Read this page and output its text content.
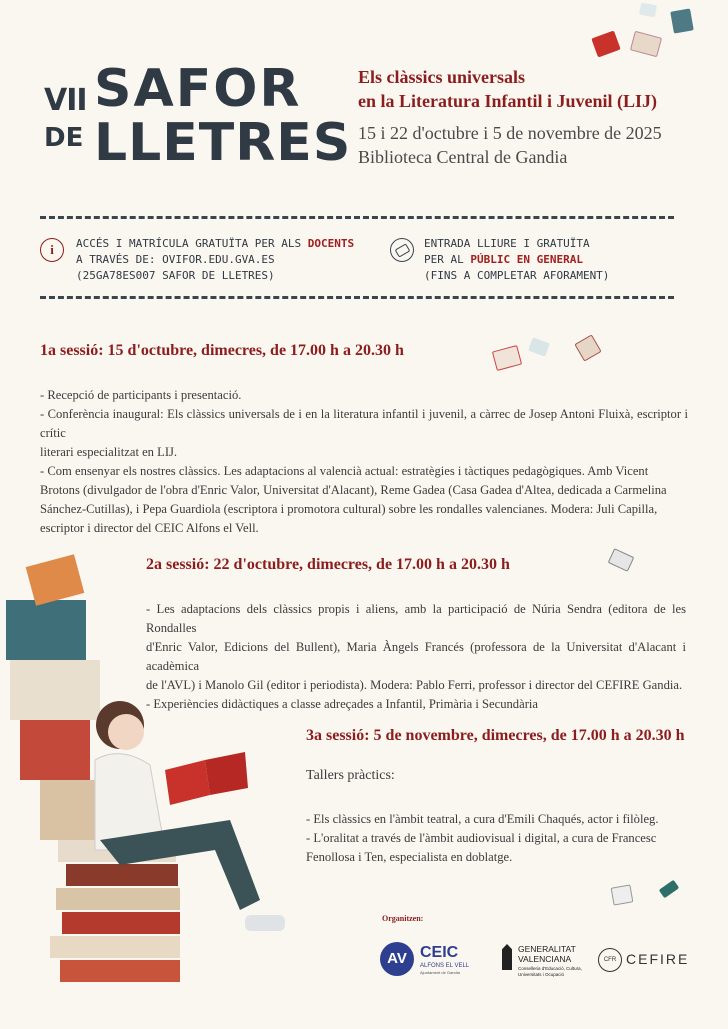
VII SAFOR
DE LLETRES
Els clàssics universals
en la Literatura Infantil i Juvenil (LIJ)
15 i 22 d'octubre i 5 de novembre de 2025
Biblioteca Central de Gandia
i	ACCÉS I MATRÍCULA GRATUÏTA PER ALS DOCENTS
A TRAVÉS DE: OVIFOR.EDU.GVA.ES
(25GA78ES007 SAFOR DE LLETRES)
ENTRADA LLIURE I GRATUÏTA
PER AL PÚBLIC EN GENERAL
(FINS A COMPLETAR AFORAMENT)
1a sessió: 15 d'octubre, dimecres, de 17.00 h a 20.30 h
- Recepció de participants i presentació.
- Conferència inaugural: Els clàssics universals de i en la literatura infantil i juvenil, a càrrec de Josep Antoni Fluixà, escriptor i crític
literari especialitzat en LIJ.
- Com ensenyar els nostres clàssics. Les adaptacions al valencià actual: estratègies i tàctiques pedagògiques. Amb Vicent
Brotons (divulgador de l'obra d'Enric Valor, Universitat d'Alacant), Reme Gadea (Casa Gadea d'Altea, dedicada a Carmelina
Sánchez-Cutillas), i Pepa Guardiola (escriptora i promotora cultural) sobre les rondalles valencianes. Modera: Juli Capilla,
escriptor i director del CEIC Alfons el Vell.
2a sessió: 22 d'octubre, dimecres, de 17.00 h a 20.30 h
- Les adaptacions dels clàssics propis i aliens, amb la participació de Núria Sendra (editora de les Rondalles
d'Enric Valor, Edicions del Bullent), Maria Àngels Francés (professora de la Universitat d'Alacant i acadèmica
de l'AVL) i Manolo Gil (editor i periodista). Modera: Pablo Ferri, professor i director del CEFIRE Gandia.
- Experiències didàctiques a classe adreçades a Infantil, Primària i Secundària
3a sessió: 5 de novembre, dimecres, de 17.00 h a 20.30 h
Tallers pràctics:
- Els clàssics en l'àmbit teatral, a cura d'Emili Chaqués, actor i filòleg.
- L'oralitat a través de l'àmbit audiovisual i digital, a cura de Francesc
Fenollosa i Ten, especialista en doblatge.
Organitzen:
AV CEIC
ALFONS EL VELL
Ajuntament de Gandia
GENERALITAT
VALENCIANA
Conselleria d'Educació, Cultura,
Universitats i Ocupació
CFR CEFIRE
